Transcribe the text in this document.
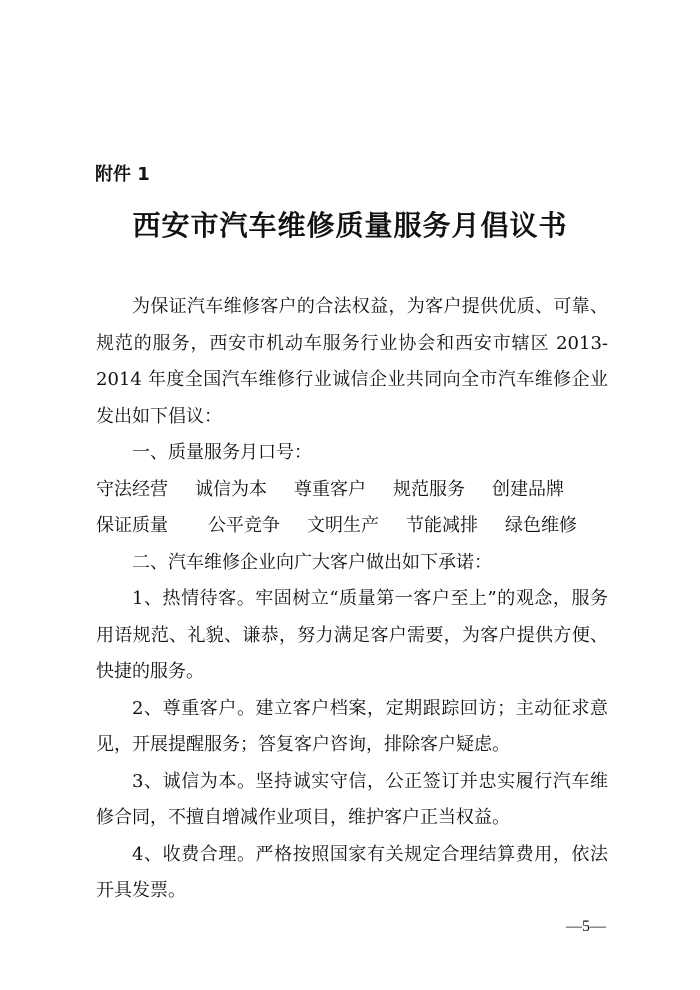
附件 1

西安市汽车维修质量服务月倡议书

为保证汽车维修客户的合法权益，为客户提供优质、可靠、规范的服务，西安市机动车服务行业协会和西安市辖区 2013-2014 年度全国汽车维修行业诚信企业共同向全市汽车维修企业发出如下倡议：

一、质量服务月口号：

守法经营 诚信为本 尊重客户 规范服务 创建品牌
保证质量 公平竞争 文明生产 节能减排 绿色维修

二、汽车维修企业向广大客户做出如下承诺：

1、热情待客。牢固树立“质量第一客户至上”的观念，服务用语规范、礼貌、谦恭，努力满足客户需要，为客户提供方便、快捷的服务。

2、尊重客户。建立客户档案，定期跟踪回访；主动征求意见，开展提醒服务；答复客户咨询，排除客户疑虑。

3、诚信为本。坚持诚实守信，公正签订并忠实履行汽车维修合同，不擅自增减作业项目，维护客户正当权益。

4、收费合理。严格按照国家有关规定合理结算费用，依法开具发票。

—5—
